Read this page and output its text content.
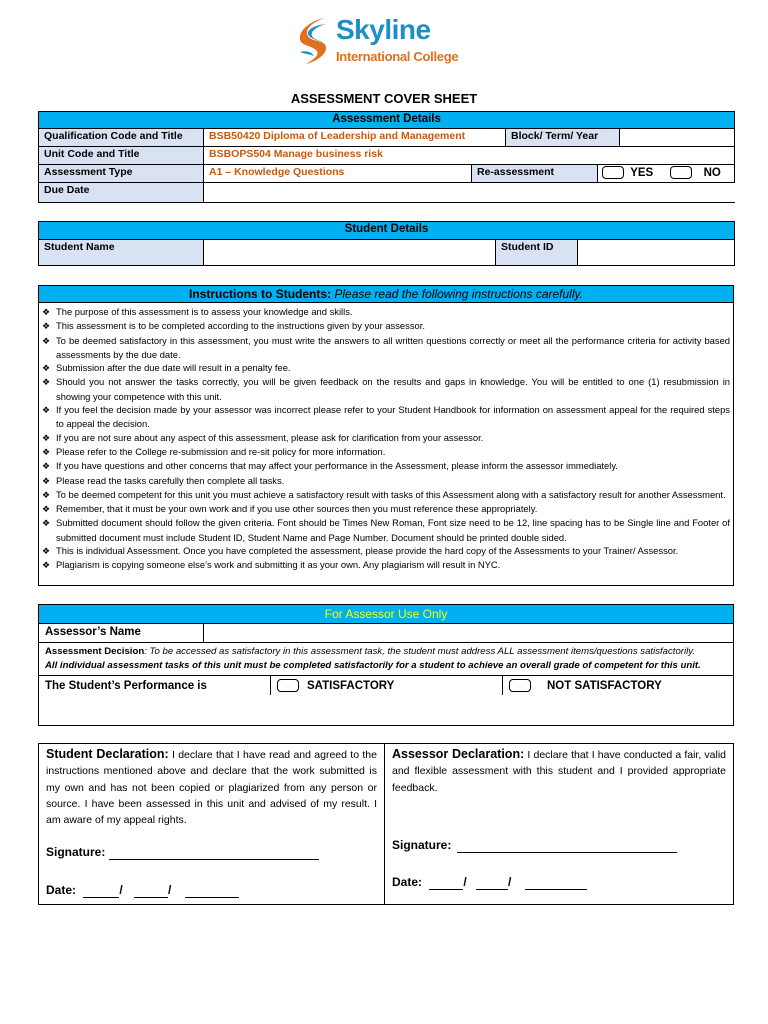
Skyline
International College
ASSESSMENT COVER SHEET
Assessment Details					
Qualification Code and Title	BSB50420 Diploma of Leadership and Management		Block/ Term/ Year		
Unit Code and Title	BSBOPS504 Manage business risk				
Assessment Type	A1 – Knowledge Questions	Re-assessment		YES NO	
Due Date					
Student Details
Student Name		Student ID	
Instructions to Students: Please read the following instructions carefully.
❖ The purpose of this assessment is to assess your knowledge and skills.
❖ This assessment is to be completed according to the instructions given by your assessor.
❖ To be deemed satisfactory in this assessment, you must write the answers to all written questions correctly or meet all the performance criteria for activity based assessments by the due date.
❖ Submission after the due date will result in a penalty fee.
❖ Should you not answer the tasks correctly, you will be given feedback on the results and gaps in knowledge. You will be entitled to one (1) resubmission in showing your competence with this unit.
❖ If you feel the decision made by your assessor was incorrect please refer to your Student Handbook for information on assessment appeal for the required steps to appeal the decision.
❖ If you are not sure about any aspect of this assessment, please ask for clarification from your assessor.
❖ Please refer to the College re-submission and re-sit policy for more information.
❖ If you have questions and other concerns that may affect your performance in the Assessment, please inform the assessor immediately.
❖ Please read the tasks carefully then complete all tasks.
❖ To be deemed competent for this unit you must achieve a satisfactory result with tasks of this Assessment along with a satisfactory result for another Assessment.
❖ Remember, that it must be your own work and if you use other sources then you must reference these appropriately.
❖ Submitted document should follow the given criteria. Font should be Times New Roman, Font size need to be 12, line spacing has to be Single line and Footer of submitted document must include Student ID, Student Name and Page Number. Document should be printed double sided.
❖ This is individual Assessment. Once you have completed the assessment, please provide the hard copy of the Assessments to your Trainer/ Assessor.
❖ Plagiarism is copying someone else’s work and submitting it as your own. Any plagiarism will result in NYC.
For Assessor Use Only
Assessor’s Name
Assessment Decision: To be accessed as satisfactory in this assessment task, the student must address ALL assessment items/questions satisfactorily.
All individual assessment tasks of this unit must be completed satisfactorily for a student to achieve an overall grade of competent for this unit.
The Student’s Performance is	SATISFACTORY	NOT SATISFACTORY
Student Declaration: I declare that I have read and agreed to the instructions mentioned above and declare that the work submitted is my own and has not been copied or plagiarized from any person or source. I have been assessed in this unit and advised of my result. I am aware of my appeal rights.
Signature:
Date:	/	/
Assessor Declaration: I declare that I have conducted a fair, valid and flexible assessment with this student and I provided appropriate feedback.
Signature:
Date:	/	/
